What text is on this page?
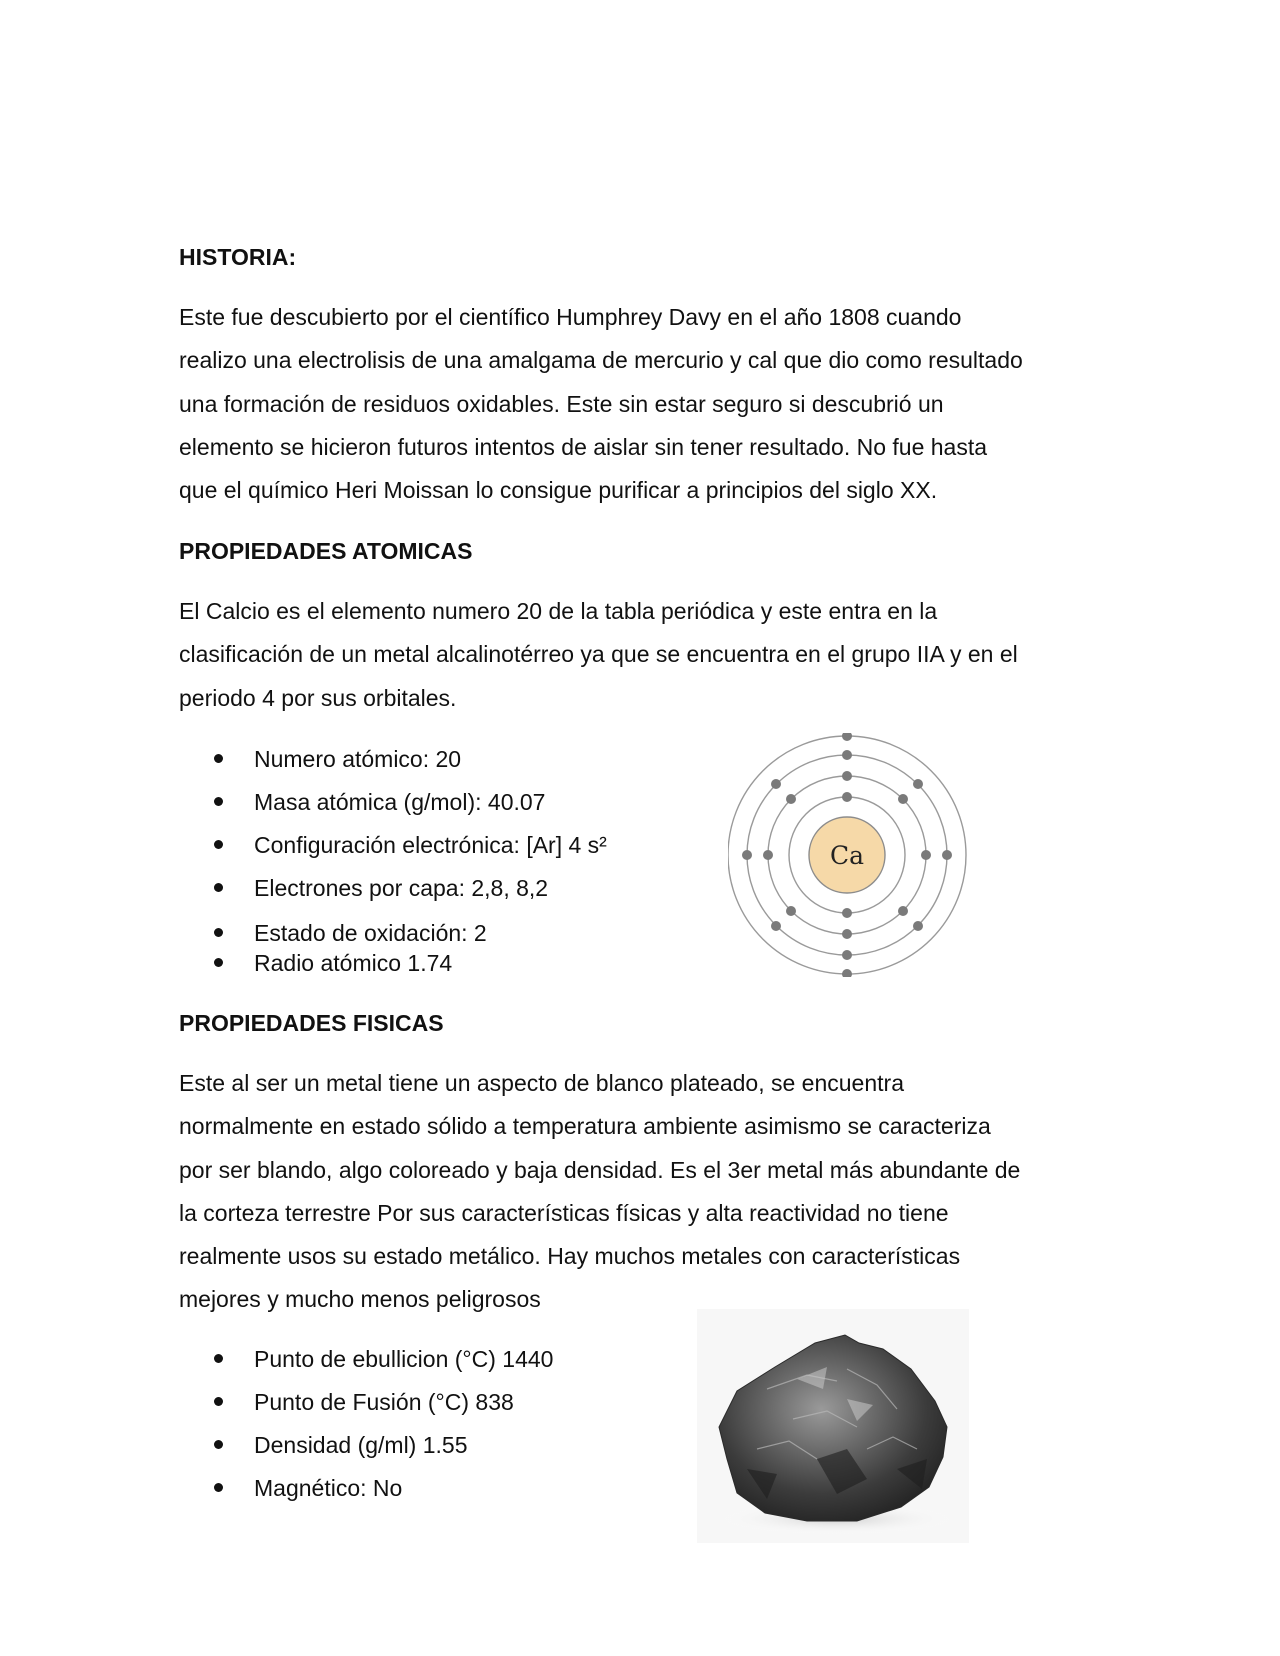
HISTORIA:
Este fue descubierto por el científico Humphrey Davy en el año 1808 cuando
realizo una electrolisis de una amalgama de mercurio y cal que dio como resultado
una formación de residuos oxidables. Este sin estar seguro si descubrió un
elemento se hicieron futuros intentos de aislar sin tener resultado. No fue hasta
que el químico Heri Moissan lo consigue purificar a principios del siglo XX.
PROPIEDADES ATOMICAS
El Calcio es el elemento numero 20 de la tabla periódica y este entra en la
clasificación de un metal alcalinotérreo ya que se encuentra en el grupo IIA y en el
periodo 4 por sus orbitales.
Numero atómico: 20
Masa atómica (g/mol): 40.07
Configuración electrónica: [Ar] 4 s²
Electrones por capa: 2,8, 8,2
Estado de oxidación: 2
Radio atómico 1.74
Ca
PROPIEDADES FISICAS
Este al ser un metal tiene un aspecto de blanco plateado, se encuentra
normalmente en estado sólido a temperatura ambiente asimismo se caracteriza
por ser blando, algo coloreado y baja densidad. Es el 3er metal más abundante de
la corteza terrestre Por sus características físicas y alta reactividad no tiene
realmente usos su estado metálico. Hay muchos metales con características
mejores y mucho menos peligrosos
Punto de ebullicion (°C) 1440
Punto de Fusión (°C) 838
Densidad (g/ml) 1.55
Magnético: No
